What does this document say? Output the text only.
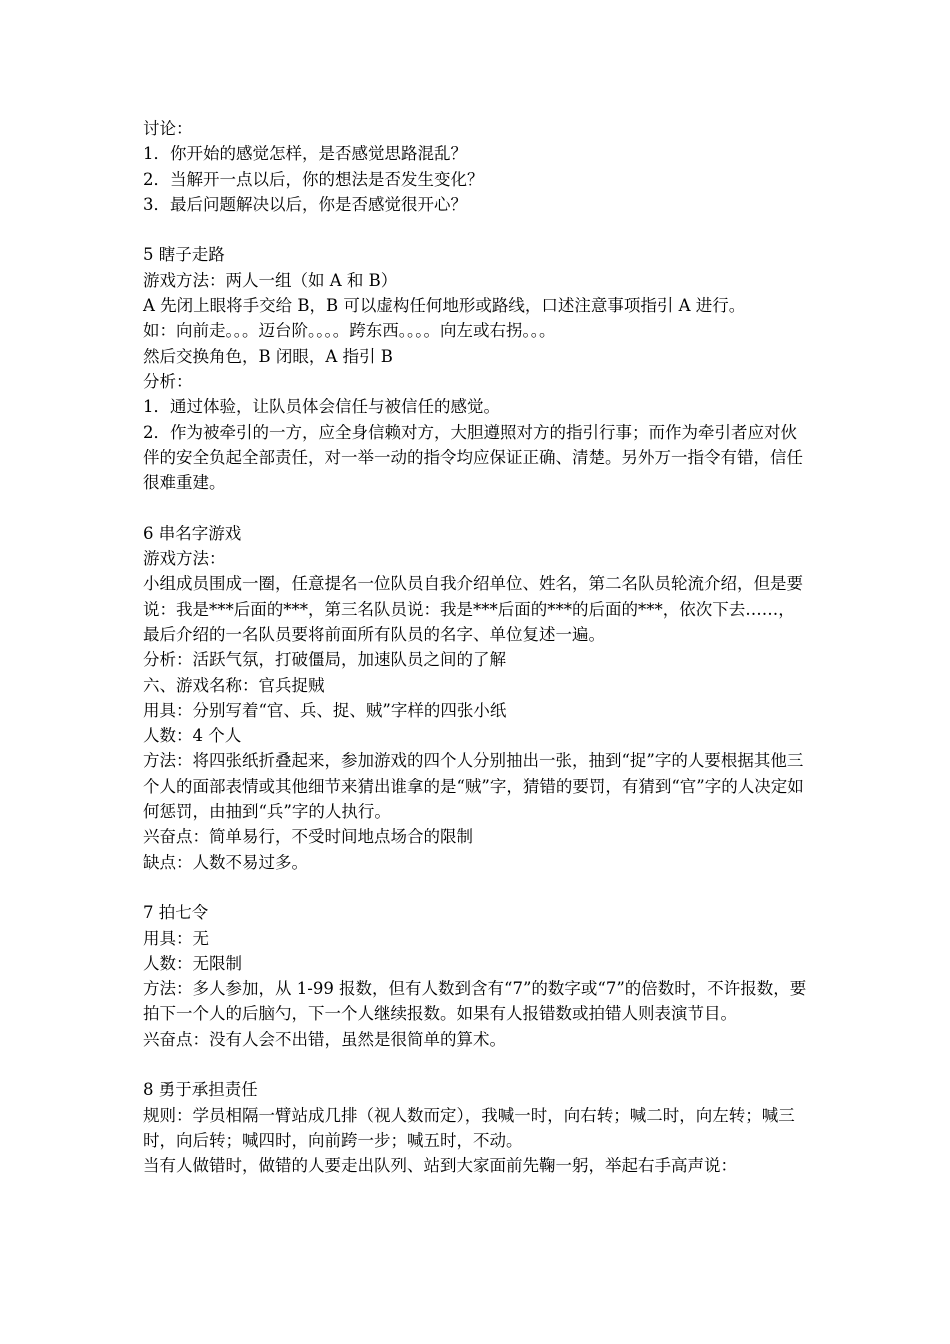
讨论：
1．你开始的感觉怎样，是否感觉思路混乱？
2．当解开一点以后，你的想法是否发生变化？
3．最后问题解决以后，你是否感觉很开心？
5 瞎子走路
游戏方法：两人一组（如 A 和 B）
A 先闭上眼将手交给 B，B 可以虚构任何地形或路线，口述注意事项指引 A 进行。
如：向前走。。。迈台阶。。。。跨东西。。。。向左或右拐。。。
然后交换角色，B 闭眼，A 指引 B
分析：
1．通过体验，让队员体会信任与被信任的感觉。
2．作为被牵引的一方，应全身信赖对方，大胆遵照对方的指引行事；而作为牵引者应对伙伴的安全负起全部责任，对一举一动的指令均应保证正确、清楚。另外万一指令有错，信任很难重建。
6 串名字游戏
游戏方法：
小组成员围成一圈，任意提名一位队员自我介绍单位、姓名，第二名队员轮流介绍，但是要说：我是***后面的***，第三名队员说：我是***后面的***的后面的***，依次下去……，最后介绍的一名队员要将前面所有队员的名字、单位复述一遍。
分析：活跃气氛，打破僵局，加速队员之间的了解
六、游戏名称：官兵捉贼
用具：分别写着“官、兵、捉、贼”字样的四张小纸
人数：4 个人
方法：将四张纸折叠起来，参加游戏的四个人分别抽出一张，抽到“捉”字的人要根据其他三个人的面部表情或其他细节来猜出谁拿的是“贼”字，猜错的要罚，有猜到“官”字的人决定如何惩罚，由抽到“兵”字的人执行。
兴奋点：简单易行，不受时间地点场合的限制
缺点：人数不易过多。
7 拍七令
用具：无
人数：无限制
方法：多人参加，从 1-99 报数，但有人数到含有“7”的数字或“7”的倍数时，不许报数，要拍下一个人的后脑勺，下一个人继续报数。如果有人报错数或拍错人则表演节目。
兴奋点：没有人会不出错，虽然是很简单的算术。
8 勇于承担责任
规则：学员相隔一臂站成几排（视人数而定），我喊一时，向右转；喊二时，向左转；喊三时，向后转；喊四时，向前跨一步；喊五时，不动。
当有人做错时，做错的人要走出队列、站到大家面前先鞠一躬，举起右手高声说：
